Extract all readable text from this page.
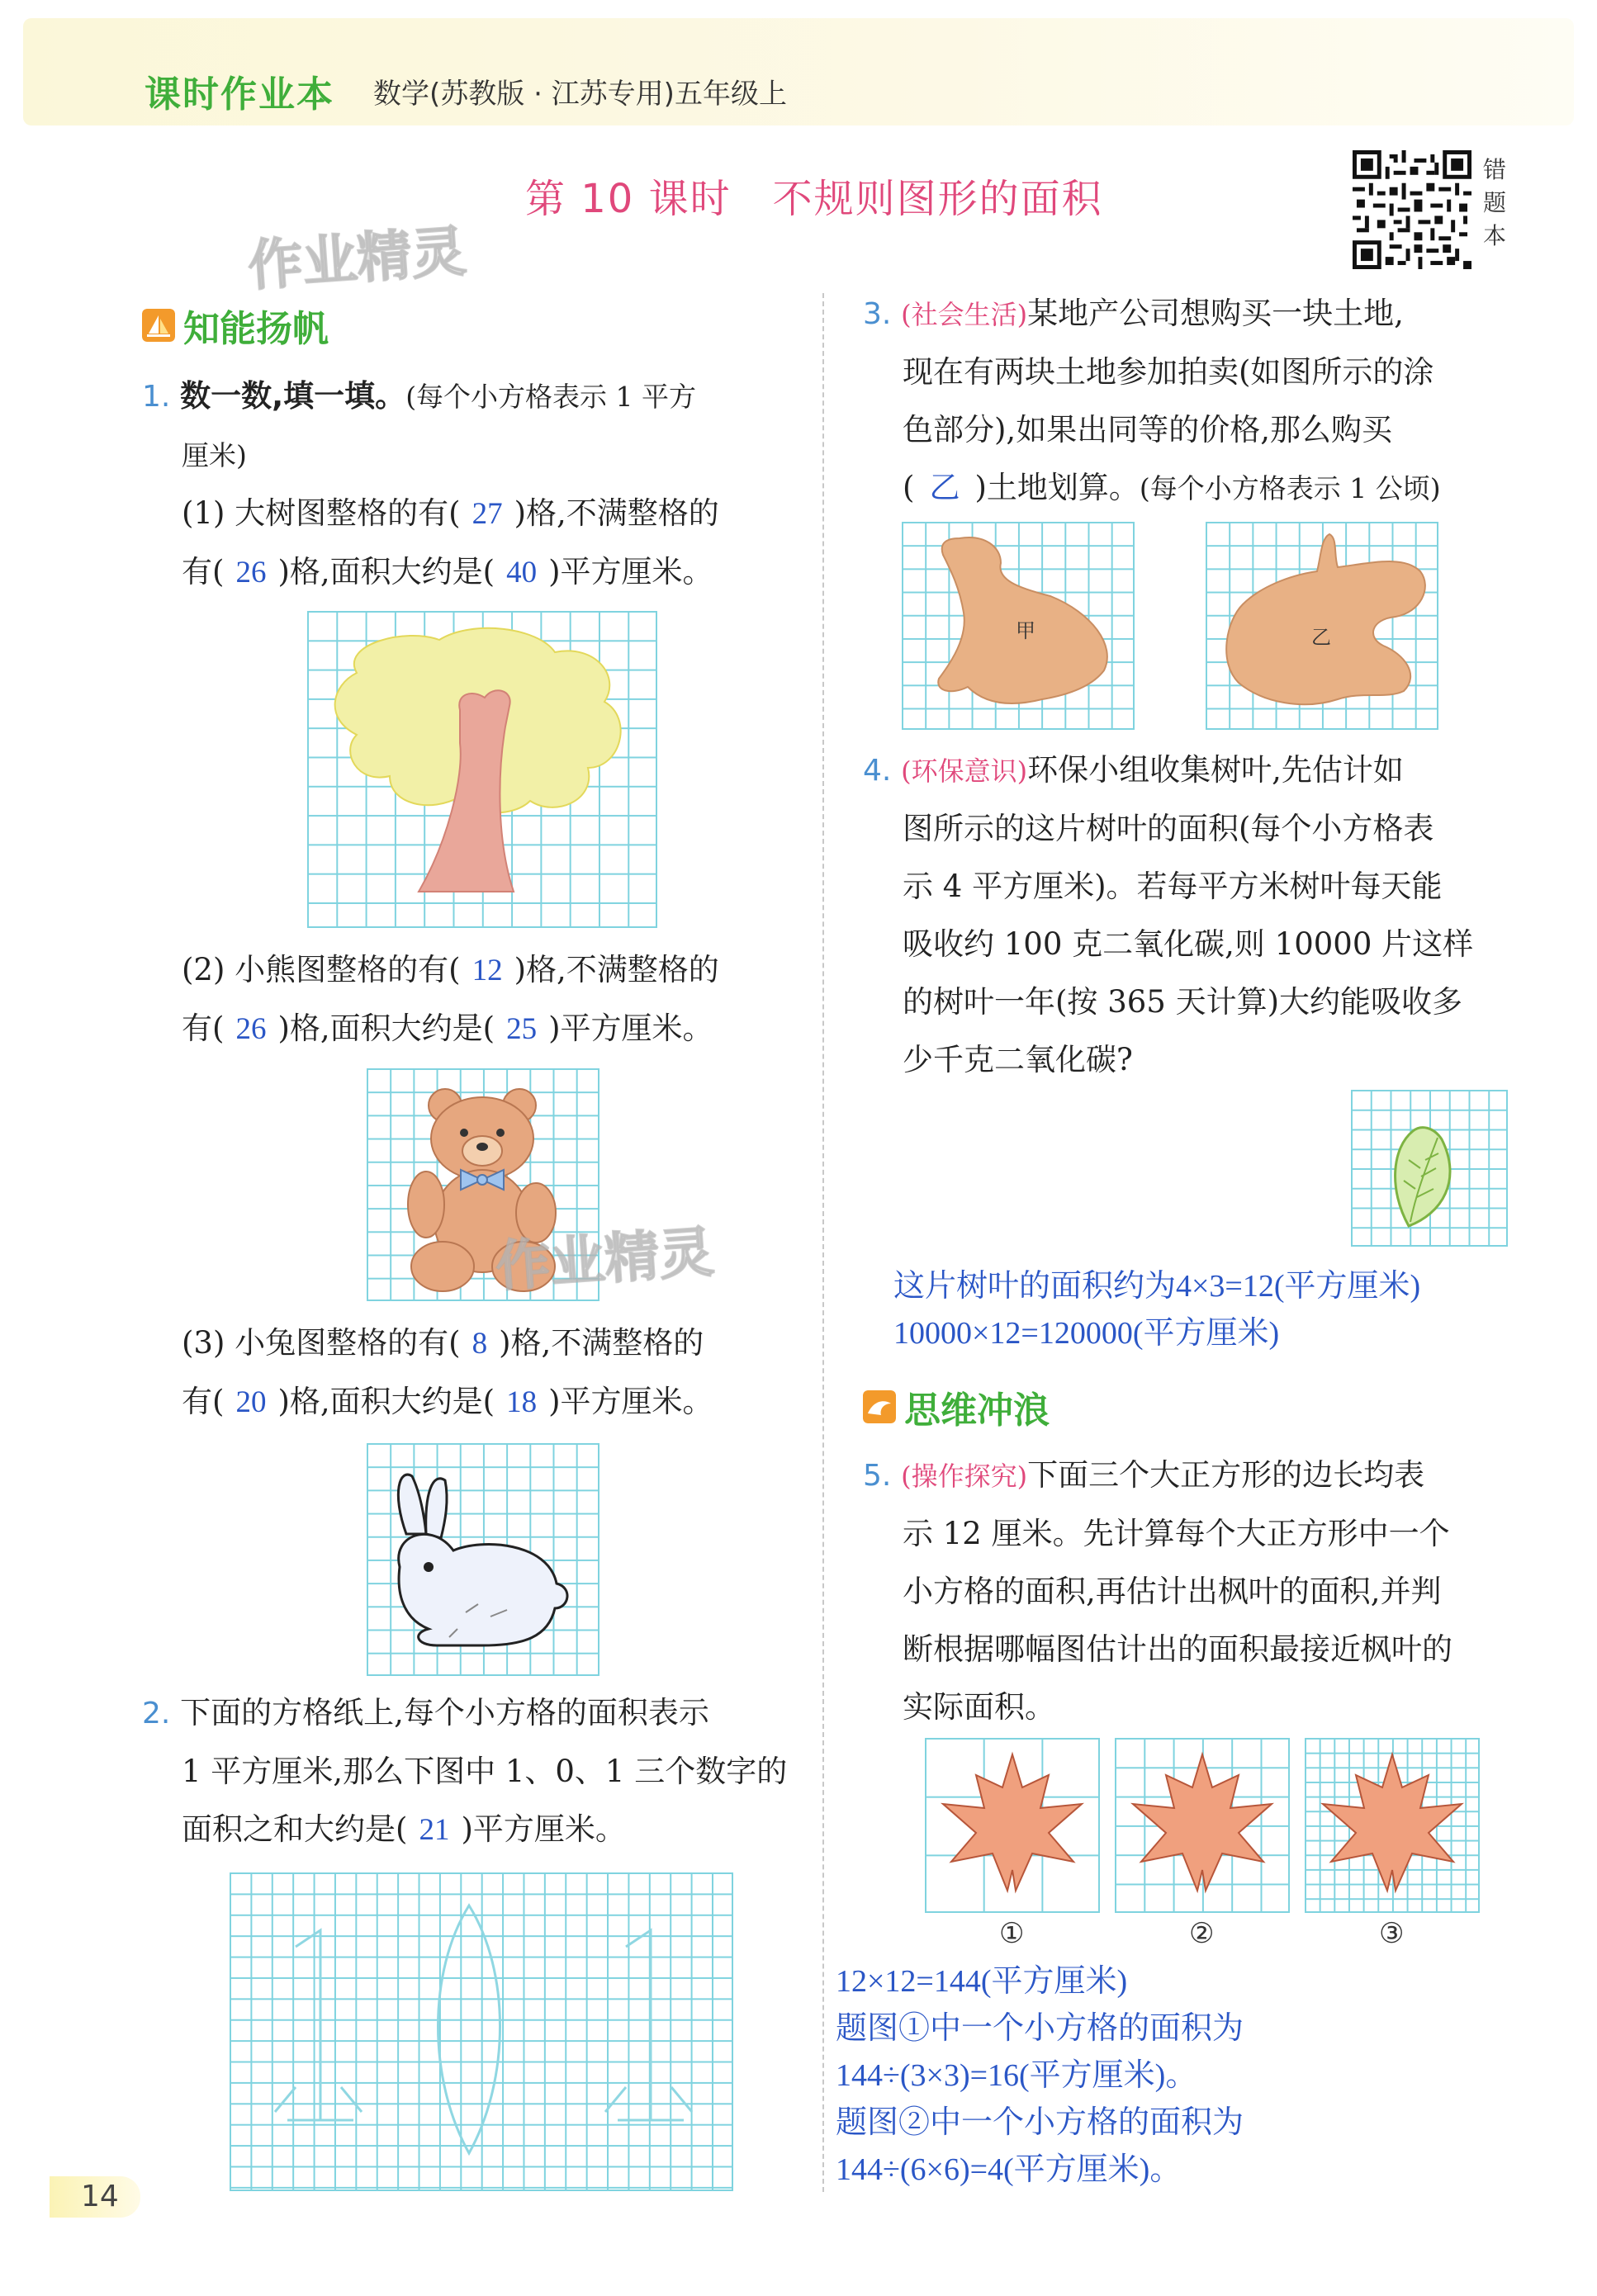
课时作业本 数学(苏教版 · 江苏专用)五年级上
第 10 课时　不规则图形的面积
作业精灵
错
题
本
知能扬帆
1. 数一数,填一填。(每个小方格表示 1 平方
厘米)
(1) 大树图整格的有( 27 )格,不满整格的
有( 26 )格,面积大约是( 40 )平方厘米。
(2) 小熊图整格的有( 12 )格,不满整格的
有( 26 )格,面积大约是( 25 )平方厘米。
作业精灵
(3) 小兔图整格的有( 8 )格,不满整格的
有( 20 )格,面积大约是( 18 )平方厘米。
2. 下面的方格纸上,每个小方格的面积表示
1 平方厘米,那么下图中 1、0、1 三个数字的
面积之和大约是( 21 )平方厘米。
14
3. (社会生活)某地产公司想购买一块土地,
现在有两块土地参加拍卖(如图所示的涂
色部分),如果出同等的价格,那么购买
( 乙 )土地划算。(每个小方格表示 1 公顷)
甲	乙
4. (环保意识)环保小组收集树叶,先估计如
图所示的这片树叶的面积(每个小方格表
示 4 平方厘米)。若每平方米树叶每天能
吸收约 100 克二氧化碳,则 10000 片这样
的树叶一年(按 365 天计算)大约能吸收多
少千克二氧化碳?
这片树叶的面积约为4×3=12(平方厘米)
10000×12=120000(平方厘米)
思维冲浪
5. (操作探究)下面三个大正方形的边长均表
示 12 厘米。先计算每个大正方形中一个
小方格的面积,再估计出枫叶的面积,并判
断根据哪幅图估计出的面积最接近枫叶的
实际面积。
①	②	③
12×12=144(平方厘米)
题图①中一个小方格的面积为
144÷(3×3)=16(平方厘米)。
题图②中一个小方格的面积为
144÷(6×6)=4(平方厘米)。
